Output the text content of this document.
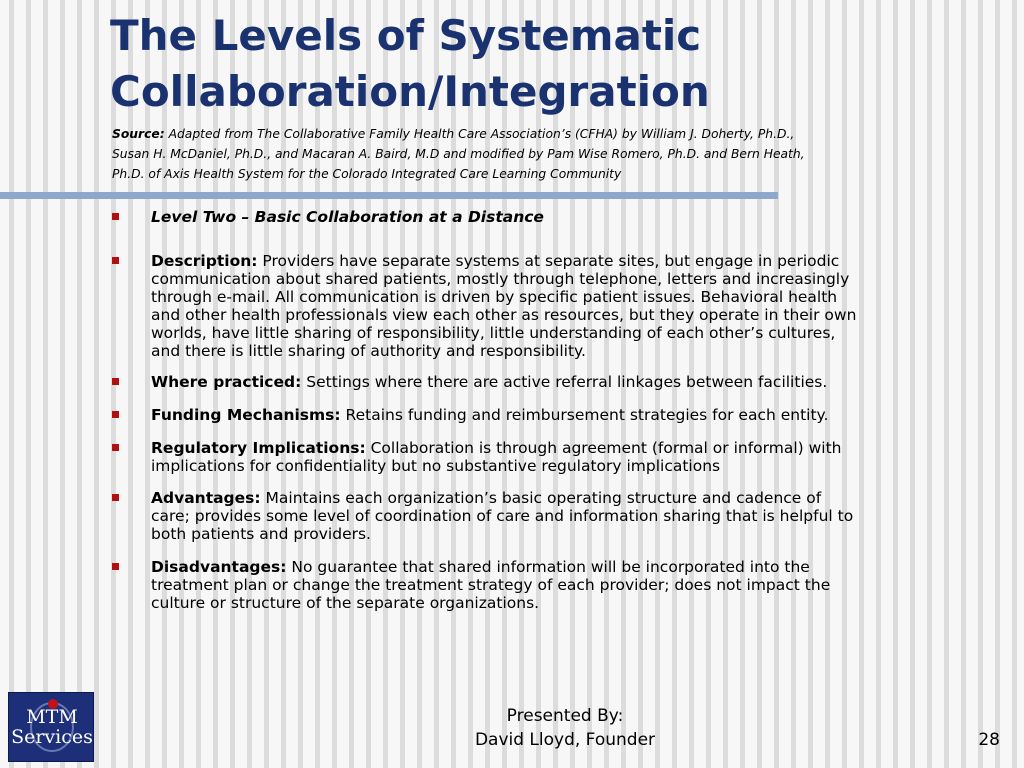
The Levels of Systematic
Collaboration/Integration
Source: Adapted from The Collaborative Family Health Care Association’s (CFHA) by William J. Doherty, Ph.D.,
Susan H. McDaniel, Ph.D., and Macaran A. Baird, M.D and modified by Pam Wise Romero, Ph.D. and Bern Heath,
Ph.D. of Axis Health System for the Colorado Integrated Care Learning Community
Level Two – Basic Collaboration at a Distance
Description: Providers have separate systems at separate sites, but engage in periodic
communication about shared patients, mostly through telephone, letters and increasingly
through e-mail. All communication is driven by specific patient issues. Behavioral health
and other health professionals view each other as resources, but they operate in their own
worlds, have little sharing of responsibility, little understanding of each other’s cultures,
and there is little sharing of authority and responsibility.
Where practiced: Settings where there are active referral linkages between facilities.
Funding Mechanisms: Retains funding and reimbursement strategies for each entity.
Regulatory Implications: Collaboration is through agreement (formal or informal) with
implications for confidentiality but no substantive regulatory implications
Advantages: Maintains each organization’s basic operating structure and cadence of
care; provides some level of coordination of care and information sharing that is helpful to
both patients and providers.
Disadvantages: No guarantee that shared information will be incorporated into the
treatment plan or change the treatment strategy of each provider; does not impact the
culture or structure of the separate organizations.
MTM
Services
Presented By:
David Lloyd, Founder	28
